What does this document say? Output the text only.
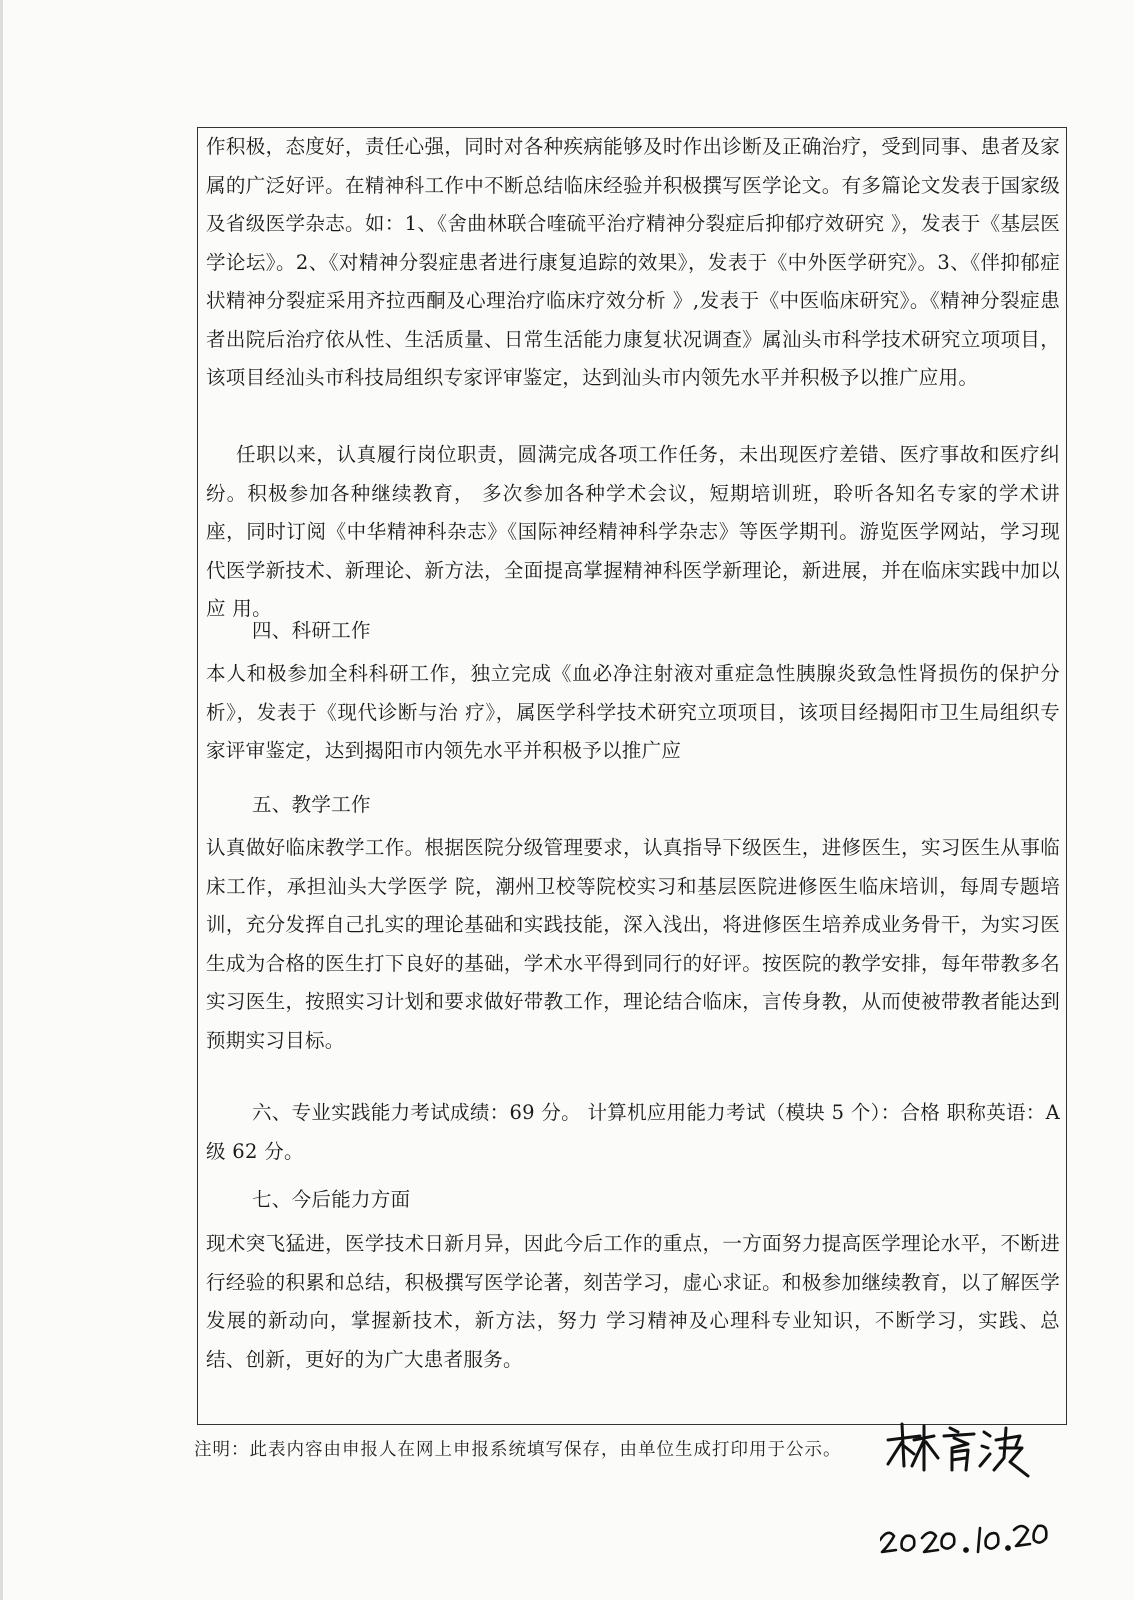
作积极，态度好，责任心强，同时对各种疾病能够及时作出诊断及正确治疗，受到同事、患者及家属的广泛好评。在精神科工作中不断总结临床经验并积极撰写医学论文。有多篇论文发表于国家级及省级医学杂志。如：1、《舍曲林联合喹硫平治疗精神分裂症后抑郁疗效研究 》，发表于《基层医学论坛》。2、《对精神分裂症患者进行康复追踪的效果》，发表于《中外医学研究》。3、《伴抑郁症状精神分裂症采用齐拉西酮及心理治疗临床疗效分析 》,发表于《中医临床研究》。《精神分裂症患者出院后治疗依从性、生活质量、日常生活能力康复状况调查》属汕头市科学技术研究立项项目，该项目经汕头市科技局组织专家评审鉴定，达到汕头市内领先水平并积极予以推广应用。

任职以来，认真履行岗位职责，圆满完成各项工作任务，未出现医疗差错、医疗事故和医疗纠纷。积极参加各种继续教育， 多次参加各种学术会议，短期培训班，聆听各知名专家的学术讲座，同时订阅《中华精神科杂志》《国际神经精神科学杂志》等医学期刊。游览医学网站，学习现代医学新技术、新理论、新方法，全面提高掌握精神科医学新理论，新进展，并在临床实践中加以应 用。

四、科研工作

本人和极参加全科科研工作，独立完成《血必净注射液对重症急性胰腺炎致急性肾损伤的保护分析》，发表于《现代诊断与治 疗》，属医学科学技术研究立项项目，该项目经揭阳市卫生局组织专家评审鉴定，达到揭阳市内领先水平并积极予以推广应

五、教学工作

认真做好临床教学工作。根据医院分级管理要求，认真指导下级医生，进修医生，实习医生从事临床工作，承担汕头大学医学 院，潮州卫校等院校实习和基层医院进修医生临床培训，每周专题培训，充分发挥自己扎实的理论基础和实践技能，深入浅出，将进修医生培养成业务骨干，为实习医生成为合格的医生打下良好的基础，学术水平得到同行的好评。按医院的教学安排，每年带教多名实习医生，按照实习计划和要求做好带教工作，理论结合临床，言传身教，从而使被带教者能达到预期实习目标。

六、专业实践能力考试成绩：69 分。 计算机应用能力考试（模块 5 个）：合格 职称英语：A 级 62 分。

七、今后能力方面

现术突飞猛进，医学技术日新月异，因此今后工作的重点，一方面努力提高医学理论水平，不断进行经验的积累和总结，积极撰写医学论著，刻苦学习，虚心求证。和极参加继续教育，以了解医学发展的新动向，掌握新技术，新方法，努力 学习精神及心理科专业知识，不断学习，实践、总结、创新，更好的为广大患者服务。

注明：此表内容由申报人在网上申报系统填写保存，由单位生成打印用于公示。
